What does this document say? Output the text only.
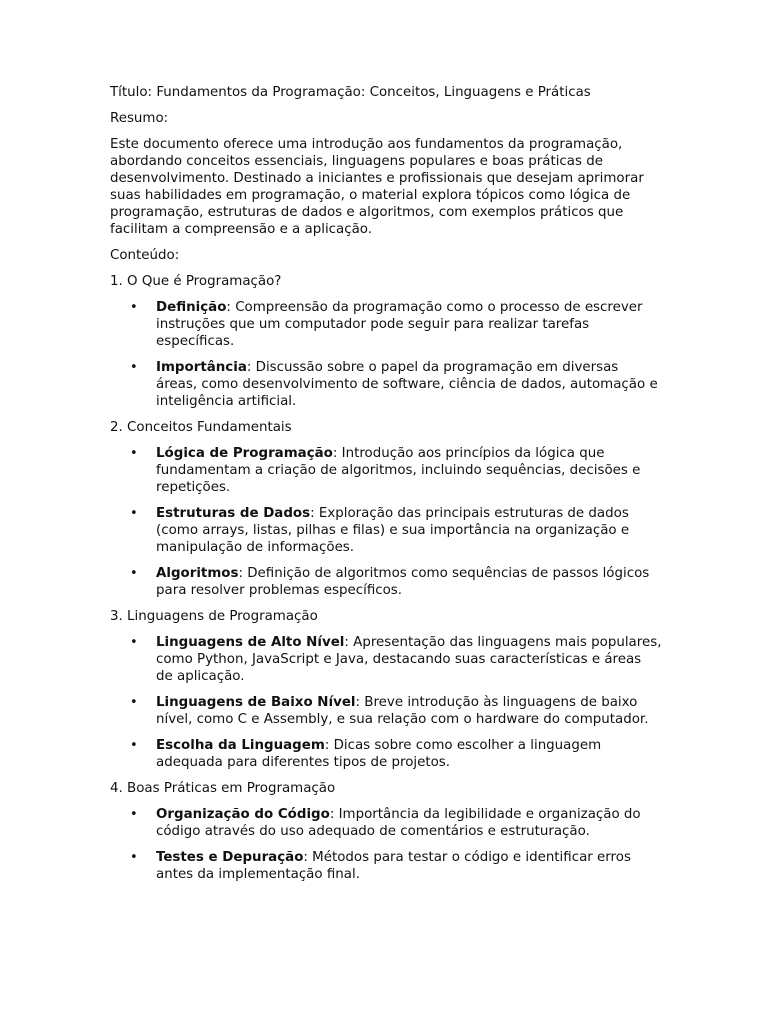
Título: Fundamentos da Programação: Conceitos, Linguagens e Práticas

Resumo:

Este documento oferece uma introdução aos fundamentos da programação, abordando conceitos essenciais, linguagens populares e boas práticas de desenvolvimento. Destinado a iniciantes e profissionais que desejam aprimorar suas habilidades em programação, o material explora tópicos como lógica de programação, estruturas de dados e algoritmos, com exemplos práticos que facilitam a compreensão e a aplicação.

Conteúdo:

1. O Que é Programação?

• Definição: Compreensão da programação como o processo de escrever instruções que um computador pode seguir para realizar tarefas específicas.
• Importância: Discussão sobre o papel da programação em diversas áreas, como desenvolvimento de software, ciência de dados, automação e inteligência artificial.

2. Conceitos Fundamentais

• Lógica de Programação: Introdução aos princípios da lógica que fundamentam a criação de algoritmos, incluindo sequências, decisões e repetições.
• Estruturas de Dados: Exploração das principais estruturas de dados (como arrays, listas, pilhas e filas) e sua importância na organização e manipulação de informações.
• Algoritmos: Definição de algoritmos como sequências de passos lógicos para resolver problemas específicos.

3. Linguagens de Programação

• Linguagens de Alto Nível: Apresentação das linguagens mais populares, como Python, JavaScript e Java, destacando suas características e áreas de aplicação.
• Linguagens de Baixo Nível: Breve introdução às linguagens de baixo nível, como C e Assembly, e sua relação com o hardware do computador.
• Escolha da Linguagem: Dicas sobre como escolher a linguagem adequada para diferentes tipos de projetos.

4. Boas Práticas em Programação

• Organização do Código: Importância da legibilidade e organização do código através do uso adequado de comentários e estruturação.
• Testes e Depuração: Métodos para testar o código e identificar erros antes da implementação final.
